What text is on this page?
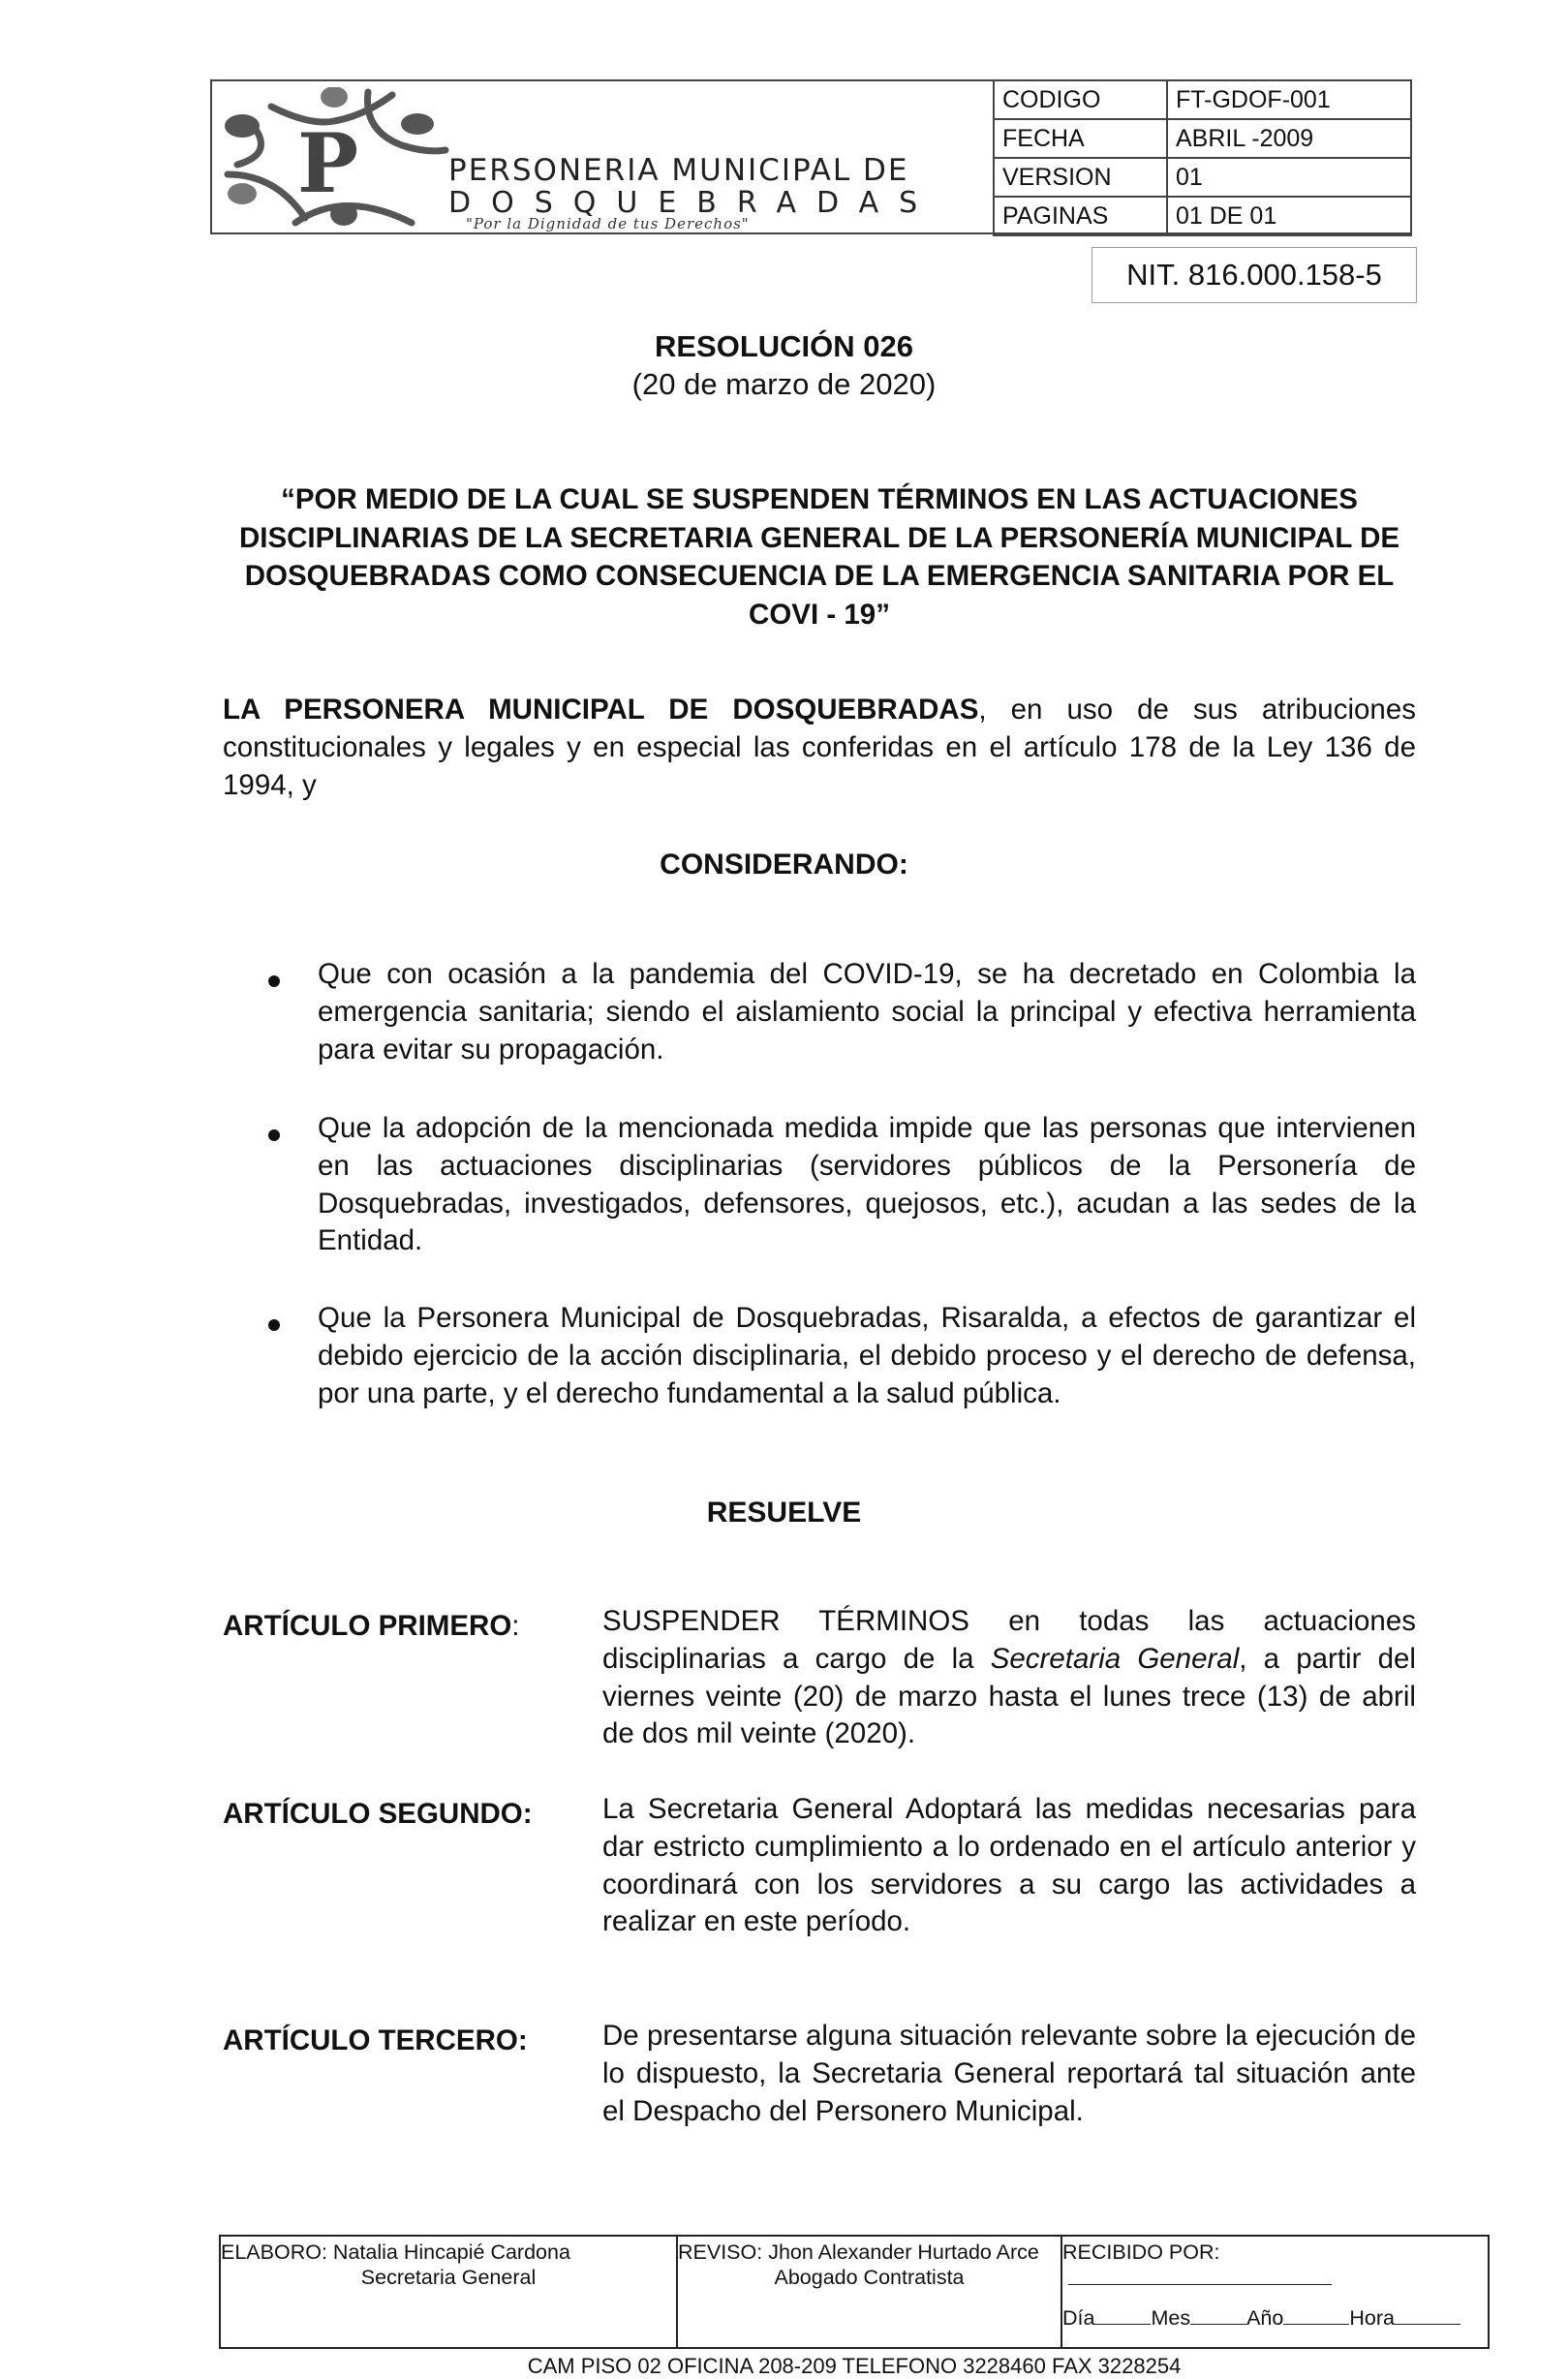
P	PERSONERIA MUNICIPAL DE
DOSQUEBRADAS
"Por la Dignidad de tus Derechos"
CODIGO	FT-GDOF-001
FECHA	ABRIL -2009
VERSION	01
PAGINAS	01 DE 01
NIT. 816.000.158-5
RESOLUCIÓN 026
(20 de marzo de 2020)
“POR MEDIO DE LA CUAL SE SUSPENDEN TÉRMINOS EN LAS ACTUACIONES DISCIPLINARIAS DE LA SECRETARIA GENERAL DE LA PERSONERÍA MUNICIPAL DE DOSQUEBRADAS COMO CONSECUENCIA DE LA EMERGENCIA SANITARIA POR EL COVI - 19”
LA PERSONERA MUNICIPAL DE DOSQUEBRADAS, en uso de sus atribuciones constitucionales y legales y en especial las conferidas en el artículo 178 de la Ley 136 de 1994, y
CONSIDERANDO:
Que con ocasión a la pandemia del COVID-19, se ha decretado en Colombia la emergencia sanitaria; siendo el aislamiento social la principal y efectiva herramienta para evitar su propagación.
Que la adopción de la mencionada medida impide que las personas que intervienen en las actuaciones disciplinarias (servidores públicos de la Personería de Dosquebradas, investigados, defensores, quejosos, etc.), acudan a las sedes de la Entidad.
Que la Personera Municipal de Dosquebradas, Risaralda, a efectos de garantizar el debido ejercicio de la acción disciplinaria, el debido proceso y el derecho de defensa, por una parte, y el derecho fundamental a la salud pública.
RESUELVE
ARTÍCULO PRIMERO:	SUSPENDER TÉRMINOS en todas las actuaciones disciplinarias a cargo de la Secretaria General, a partir del viernes veinte (20) de marzo hasta el lunes trece (13) de abril de dos mil veinte (2020).
ARTÍCULO SEGUNDO: La Secretaria General Adoptará las medidas necesarias para dar estricto cumplimiento a lo ordenado en el artículo anterior y coordinará con los servidores a su cargo las actividades a realizar en este período.
ARTÍCULO TERCERO:	De presentarse alguna situación relevante sobre la ejecución de lo dispuesto, la Secretaria General reportará tal situación ante el Despacho del Personero Municipal.
ELABORO: Natalia Hincapié Cardona
Secretaria General
REVISO: Jhon Alexander Hurtado Arce
Abogado Contratista
RECIBIDO POR:
Día	Mes	Año	Hora
CAM PISO 02 OFICINA 208-209 TELEFONO 3228460 FAX 3228254
